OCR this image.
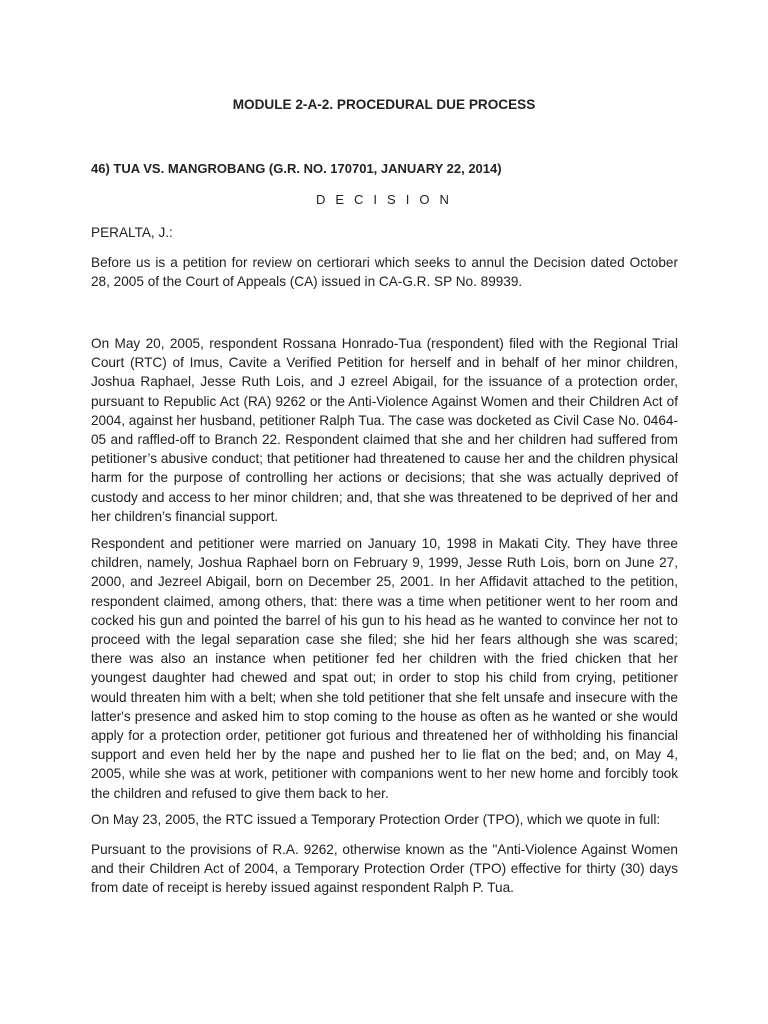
MODULE 2-A-2. PROCEDURAL DUE PROCESS

46) TUA VS. MANGROBANG (G.R. NO. 170701, JANUARY 22, 2014)

D E C I S I O N

PERALTA, J.:

Before us is a petition for review on certiorari which seeks to annul the Decision dated October 28, 2005 of the Court of Appeals (CA) issued in CA-G.R. SP No. 89939.

On May 20, 2005, respondent Rossana Honrado-Tua (respondent) filed with the Regional Trial Court (RTC) of Imus, Cavite a Verified Petition for herself and in behalf of her minor children, Joshua Raphael, Jesse Ruth Lois, and J ezreel Abigail, for the issuance of a protection order, pursuant to Republic Act (RA) 9262 or the Anti-Violence Against Women and their Children Act of 2004, against her husband, petitioner Ralph Tua. The case was docketed as Civil Case No. 0464-05 and raffled-off to Branch 22. Respondent claimed that she and her children had suffered from petitioner’s abusive conduct; that petitioner had threatened to cause her and the children physical harm for the purpose of controlling her actions or decisions; that she was actually deprived of custody and access to her minor children; and, that she was threatened to be deprived of her and her children’s financial support.

Respondent and petitioner were married on January 10, 1998 in Makati City. They have three children, namely, Joshua Raphael born on February 9, 1999, Jesse Ruth Lois, born on June 27, 2000, and Jezreel Abigail, born on December 25, 2001. In her Affidavit attached to the petition, respondent claimed, among others, that: there was a time when petitioner went to her room and cocked his gun and pointed the barrel of his gun to his head as he wanted to convince her not to proceed with the legal separation case she filed; she hid her fears although she was scared; there was also an instance when petitioner fed her children with the fried chicken that her youngest daughter had chewed and spat out; in order to stop his child from crying, petitioner would threaten him with a belt; when she told petitioner that she felt unsafe and insecure with the latter's presence and asked him to stop coming to the house as often as he wanted or she would apply for a protection order, petitioner got furious and threatened her of withholding his financial support and even held her by the nape and pushed her to lie flat on the bed; and, on May 4, 2005, while she was at work, petitioner with companions went to her new home and forcibly took the children and refused to give them back to her.

On May 23, 2005, the RTC issued a Temporary Protection Order (TPO), which we quote in full:

Pursuant to the provisions of R.A. 9262, otherwise known as the "Anti-Violence Against Women and their Children Act of 2004, a Temporary Protection Order (TPO) effective for thirty (30) days from date of receipt is hereby issued against respondent Ralph P. Tua.
